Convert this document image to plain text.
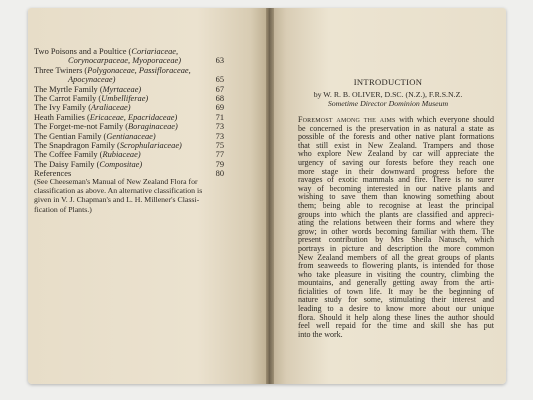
Two Poisons and a Poultice (Coriariaceae,
Corynocarpaceae, Myoporaceae)	63
Three Twiners (Polygonaceae, Passifloraceae,
Apocynaceae)	65
The Myrtle Family (Myrtaceae)	67
The Carrot Family (Umbelliferae)	68
The Ivy Family (Araliaceae)	69
Heath Families (Ericaceae, Epacridaceae)	71
The Forget-me-not Family (Boraginaceae)	73
The Gentian Family (Gentianaceae)	73
The Snapdragon Family (Scrophulariaceae)	75
The Coffee Family (Rubiaceae)	77
The Daisy Family (Compositae)	79
References	80
(See Cheeseman's Manual of New Zealand Flora for
classification as above. An alternative classification is
given in V. J. Chapman's and L. H. Millener's Classi-
fication of Plants.)
INTRODUCTION
by W. R. B. OLIVER, D.SC. (N.Z.), F.R.S.N.Z.
Sometime Director Dominion Museum
Foremost among the aims with which everyone should
be concerned is the preservation in as natural a state as
possible of the forests and other native plant formations
that still exist in New Zealand. Trampers and those
who explore New Zealand by car will appreciate the
urgency of saving our forests before they reach one
more stage in their downward progress before the
ravages of exotic mammals and fire. There is no surer
way of becoming interested in our native plants and
wishing to save them than knowing something about
them; being able to recognise at least the principal
groups into which the plants are classified and appreci-
ating the relations between their forms and where they
grow; in other words becoming familiar with them. The
present contribution by Mrs Sheila Natusch, which
portrays in picture and description the more common
New Zealand members of all the great groups of plants
from seaweeds to flowering plants, is intended for those
who take pleasure in visiting the country, climbing the
mountains, and generally getting away from the arti-
ficialities of town life. It may be the beginning of
nature study for some, stimulating their interest and
leading to a desire to know more about our unique
flora. Should it help along these lines the author should
feel well repaid for the time and skill she has put
into the work.
